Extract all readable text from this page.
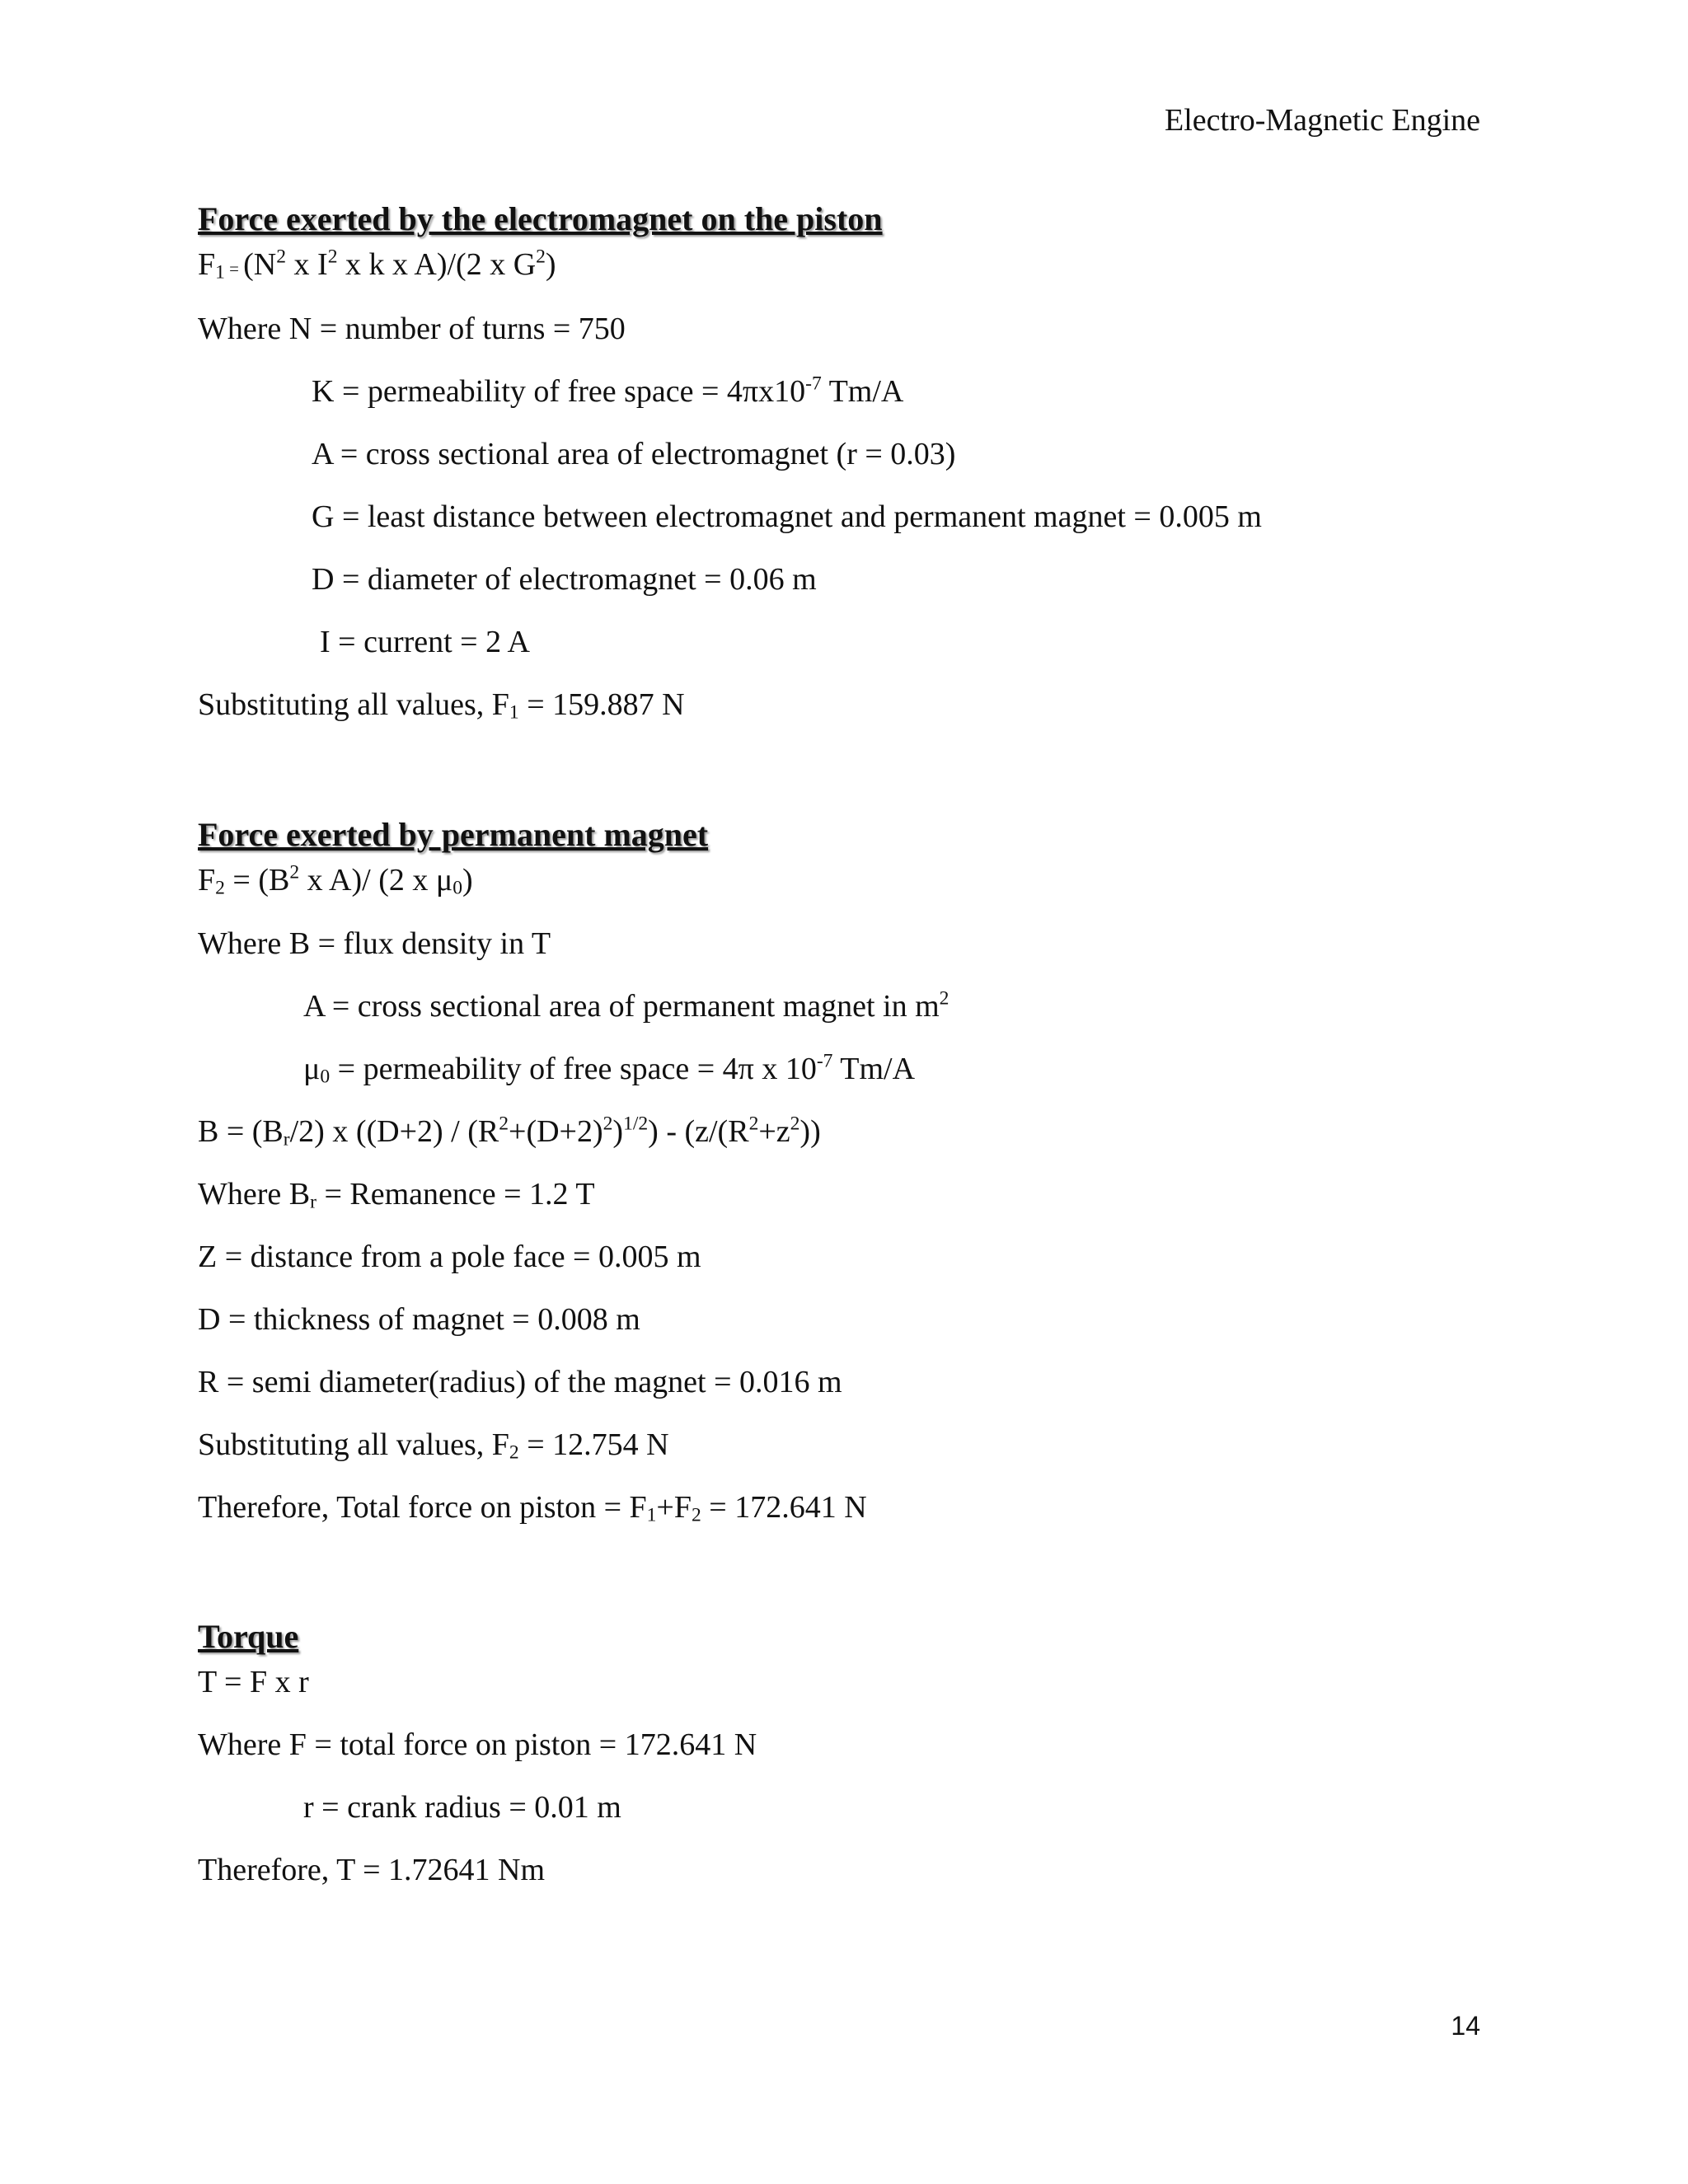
Electro-Magnetic Engine
Force exerted by the electromagnet on the piston
$F_1 = (N^2$ x $I^2$ x k x A)/(2 x $G^2$)
Where N = number of turns = 750
K = permeability of free space = $4\pi x10^{-7}$ Tm/A
A = cross sectional area of electromagnet (r = 0.03)
G = least distance between electromagnet and permanent magnet = 0.005 m
D = diameter of electromagnet = 0.06 m
I = current = 2 A
Substituting all values, $F_1 = 159.887$ N
Force exerted by permanent magnet
$F_2 = (B^2$ x A)/ (2 x $\mu_0$)
Where B = flux density in T
A = cross sectional area of permanent magnet in $m^2$
$\mu_0$ = permeability of free space = 4π x $10^{-7}$ Tm/A
$B = (B_r/2)$ x $((D+2) / (R^2+(D+2)^2)^{1/2}) - (z/(R^2+z^2))$
Where $B_r$ = Remanence = 1.2 T
Z = distance from a pole face = 0.005 m
D = thickness of magnet = 0.008 m
R = semi diameter(radius) of the magnet = 0.016 m
Substituting all values, $F_2 = 12.754$ N
Therefore, Total force on piston = $F_1+F_2 = 172.641$ N
Torque
T = F x r
Where F = total force on piston = 172.641 N
r = crank radius = 0.01 m
Therefore, T = 1.72641 Nm
14
